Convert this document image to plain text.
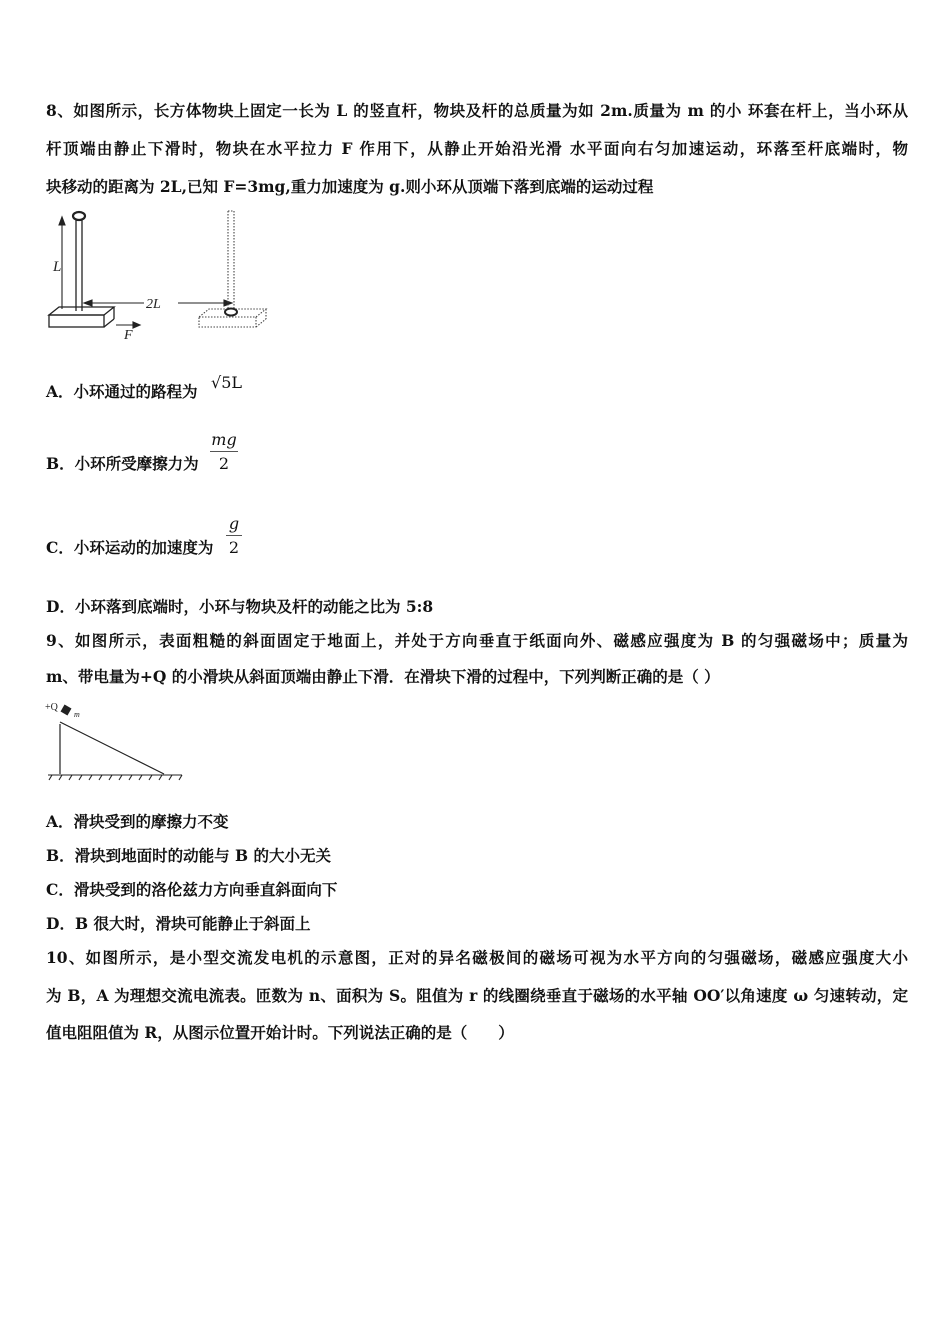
8、如图所示，长方体物块上固定一长为 L 的竖直杆，物块及杆的总质量为如 2m.质量为 m 的小 环套在杆上，当小环从
杆顶端由静止下滑时，物块在水平拉力 F 作用下，从静止开始沿光滑 水平面向右匀加速运动，环落至杆底端时，物
块移动的距离为 2L,已知 F=3mg,重力加速度为 g.则小环从顶端下落到底端的运动过程
L
2L
F
A．小环通过的路程为 √5L
B．小环所受摩擦力为
mg
2
C．小环运动的加速度为
g
2
D．小环落到底端时，小环与物块及杆的动能之比为 5:8
9、如图所示，表面粗糙的斜面固定于地面上，并处于方向垂直于纸面向外、磁感应强度为 B 的匀强磁场中；质量为
m、带电量为+Q 的小滑块从斜面顶端由静止下滑．在滑块下滑的过程中，下列判断正确的是（ ）
+Q
m
A．滑块受到的摩擦力不变
B．滑块到地面时的动能与 B 的大小无关
C．滑块受到的洛伦兹力方向垂直斜面向下
D．B 很大时，滑块可能静止于斜面上
10、如图所示，是小型交流发电机的示意图，正对的异名磁极间的磁场可视为水平方向的匀强磁场，磁感应强度大小
为 B，A 为理想交流电流表。匝数为 n、面积为 S。阻值为 r 的线圈绕垂直于磁场的水平轴 OO′以角速度 ω 匀速转动，定
值电阻阻值为 R，从图示位置开始计时。下列说法正确的是（　　）
